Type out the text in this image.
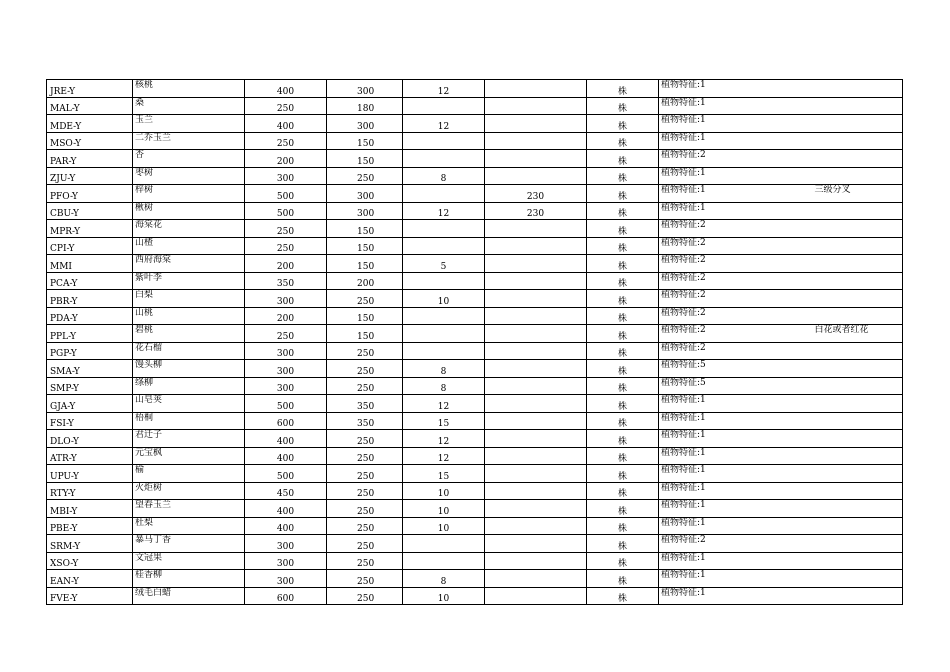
JRE-Y	核桃	400	300	12		株	植物特征:1	
MAL-Y	桑	250	180			株	植物特征:1	
MDE-Y	玉兰	400	300	12		株	植物特征:1	
MSO-Y	二乔玉兰	250	150			株	植物特征:1	
PAR-Y	杏	200	150			株	植物特征:2	
ZJU-Y	枣树	300	250	8		株	植物特征:1	
PFO-Y	梓树	500	300		230	株	植物特征:1	三级分叉
CBU-Y	楸树	500	300	12	230	株	植物特征:1	
MPR-Y	海棠花	250	150			株	植物特征:2	
CPI-Y	山楂	250	150			株	植物特征:2	
MMI	西府海棠	200	150	5		株	植物特征:2	
PCA-Y	紫叶李	350	200			株	植物特征:2	
PBR-Y	白梨	300	250	10		株	植物特征:2	
PDA-Y	山桃	200	150			株	植物特征:2	
PPL-Y	碧桃	250	150			株	植物特征:2	白花或者红花
PGP-Y	花石榴	300	250			株	植物特征:2	
SMA-Y	馒头柳	300	250	8		株	植物特征:5	
SMP-Y	绦柳	300	250	8		株	植物特征:5	
GJA-Y	山皂荚	500	350	12		株	植物特征:1	
FSI-Y	梧桐	600	350	15		株	植物特征:1	
DLO-Y	君迁子	400	250	12		株	植物特征:1	
ATR-Y	元宝枫	400	250	12		株	植物特征:1	
UPU-Y	榆	500	250	15		株	植物特征:1	
RTY-Y	火炬树	450	250	10		株	植物特征:1	
MBI-Y	望春玉兰	400	250	10		株	植物特征:1	
PBE-Y	杜梨	400	250	10		株	植物特征:1	
SRM-Y	暴马丁香	300	250			株	植物特征:2	
XSO-Y	文冠果	300	250			株	植物特征:1	
EAN-Y	桂香柳	300	250	8		株	植物特征:1	
FVE-Y	绒毛白蜡	600	250	10		株	植物特征:1	
